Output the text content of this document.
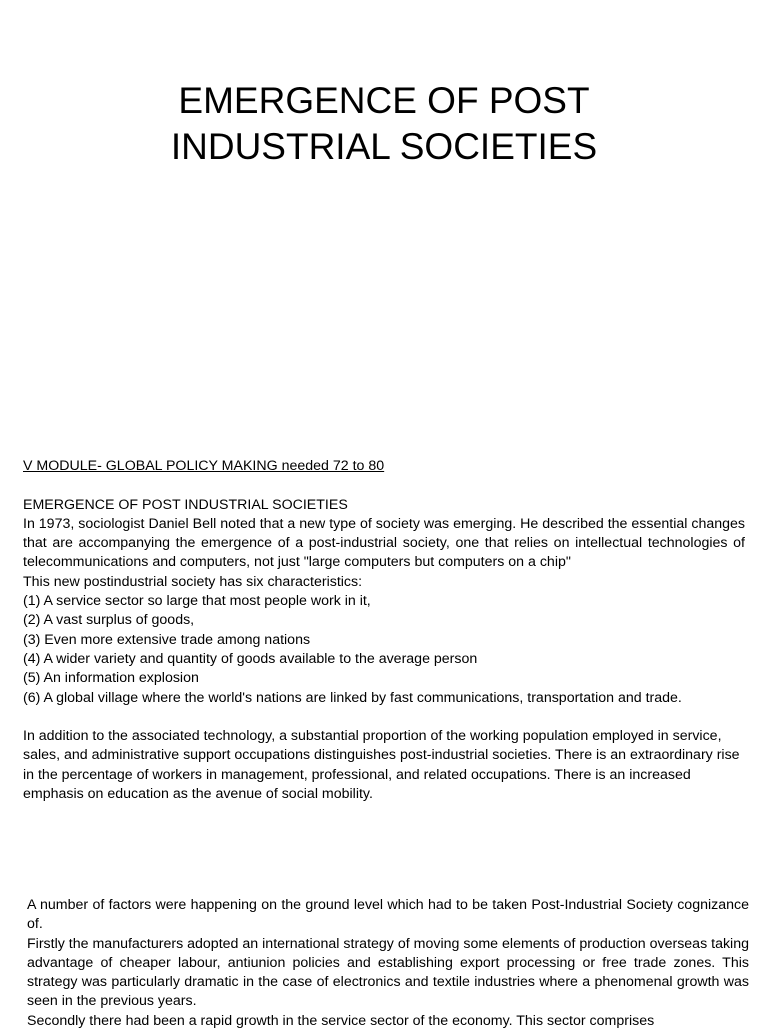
EMERGENCE OF POST
INDUSTRIAL SOCIETIES

V MODULE- GLOBAL POLICY MAKING needed 72 to 80

EMERGENCE OF POST INDUSTRIAL SOCIETIES

In 1973, sociologist Daniel Bell noted that a new type of society was emerging. He described the essential changes that are accompanying the emergence of a post-industrial society, one that relies on intellectual technologies of telecommunications and computers, not just "large computers but computers on a chip"

This new postindustrial society has six characteristics:

(1) A service sector so large that most people work in it,

(2) A vast surplus of goods,

(3) Even more extensive trade among nations

(4) A wider variety and quantity of goods available to the average person

(5) An information explosion

(6) A global village where the world's nations are linked by fast communications, transportation and trade.

In addition to the associated technology, a substantial proportion of the working population employed in service, sales, and administrative support occupations distinguishes post-industrial societies. There is an extraordinary rise in the percentage of workers in management, professional, and related occupations. There is an increased emphasis on education as the avenue of social mobility.

A number of factors were happening on the ground level which had to be taken Post-Industrial Society cognizance of.

Firstly the manufacturers adopted an international strategy of moving some elements of production overseas taking advantage of cheaper labour, antiunion policies and establishing export processing or free trade zones. This strategy was particularly dramatic in the case of electronics and textile industries where a phenomenal growth was seen in the previous years.

Secondly there had been a rapid growth in the service sector of the economy. This sector comprises
